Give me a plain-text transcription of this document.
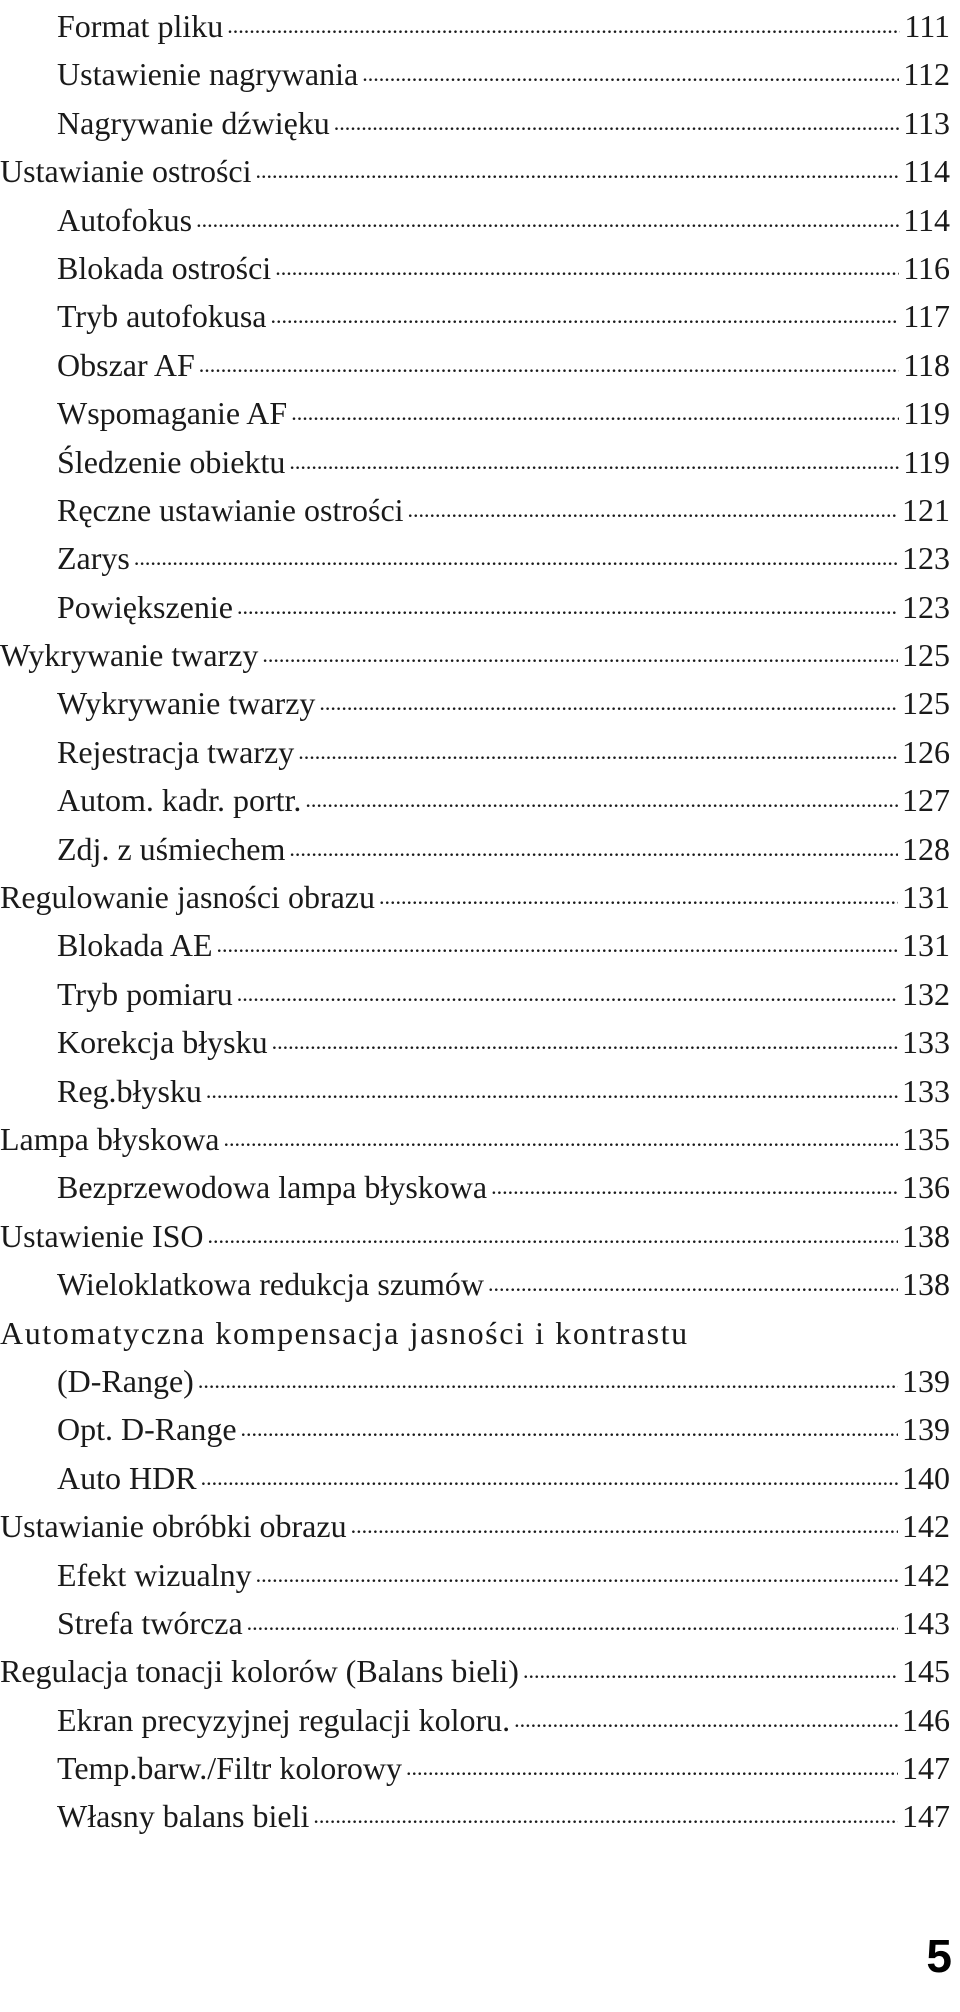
Format pliku .....	111
Ustawienie nagrywania .....	112
Nagrywanie dźwięku .....	113
Ustawianie ostrości .....	114
Autofokus .....	114
Blokada ostrości .....	116
Tryb autofokusa .....	117
Obszar AF .....	118
Wspomaganie AF .....	119
Śledzenie obiektu .....	119
Ręczne ustawianie ostrości .....	121
Zarys .....	123
Powiększenie .....	123
Wykrywanie twarzy .....	125
Wykrywanie twarzy .....	125
Rejestracja twarzy .....	126
Autom. kadr. portr. .....	127
Zdj. z uśmiechem .....	128
Regulowanie jasności obrazu .....	131
Blokada AE .....	131
Tryb pomiaru .....	132
Korekcja błysku .....	133
Reg.błysku .....	133
Lampa błyskowa .....	135
Bezprzewodowa lampa błyskowa .....	136
Ustawienie ISO .....	138
Wieloklatkowa redukcja szumów .....	138
Automatyczna kompensacja jasności i kontrastu
(D-Range) .....	139
Opt. D-Range .....	139
Auto HDR .....	140
Ustawianie obróbki obrazu .....	142
Efekt wizualny .....	142
Strefa twórcza .....	143
Regulacja tonacji kolorów (Balans bieli) .....	145
Ekran precyzyjnej regulacji koloru. .....	146
Temp.barw./Filtr kolorowy .....	147
Własny balans bieli .....	147
5
